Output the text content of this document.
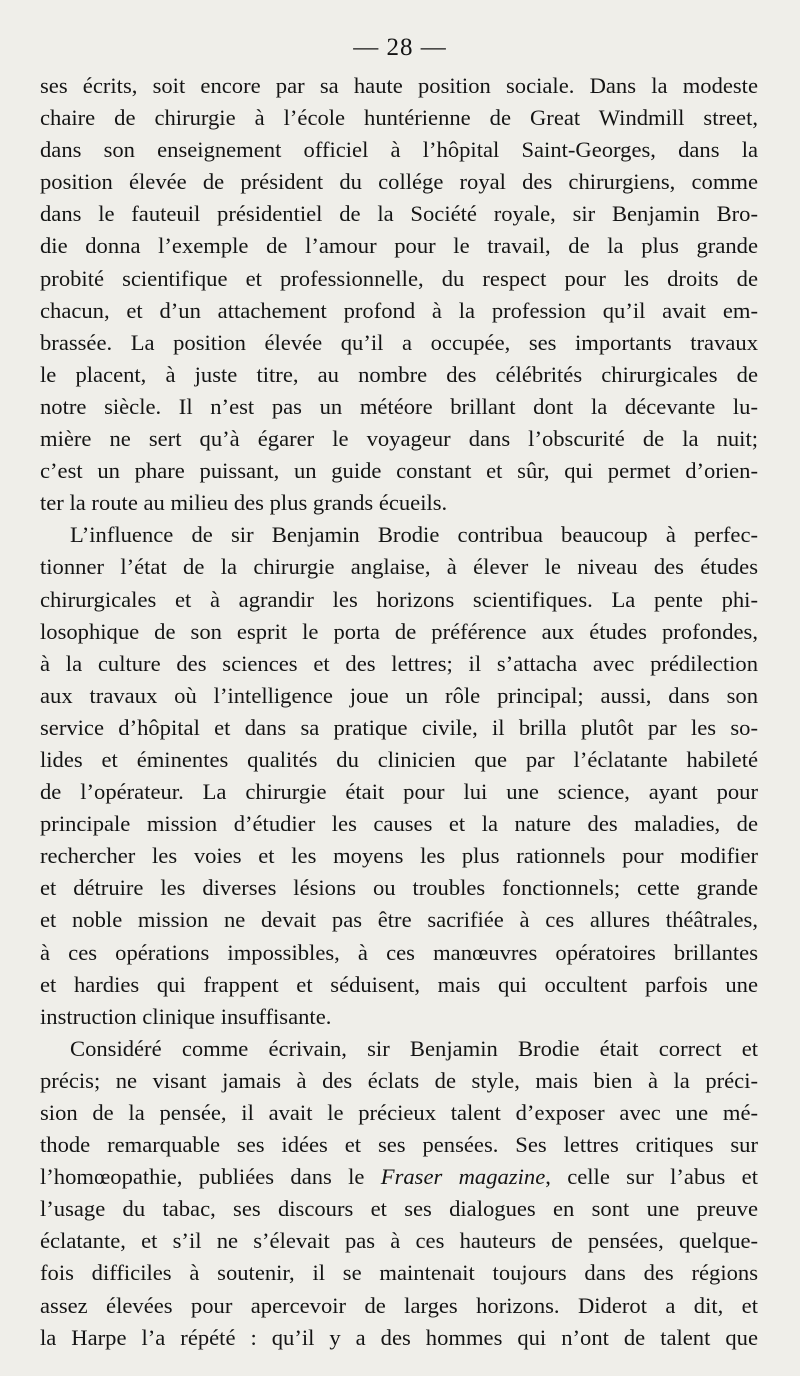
— 28 —
ses écrits, soit encore par sa haute position sociale. Dans la modeste
chaire de chirurgie à l’école huntérienne de Great Windmill street,
dans son enseignement officiel à l’hôpital Saint-Georges, dans la
position élevée de président du collége royal des chirurgiens, comme
dans le fauteuil présidentiel de la Société royale, sir Benjamin Bro-
die donna l’exemple de l’amour pour le travail, de la plus grande
probité scientifique et professionnelle, du respect pour les droits de
chacun, et d’un attachement profond à la profession qu’il avait em-
brassée. La position élevée qu’il a occupée, ses importants travaux
le placent, à juste titre, au nombre des célébrités chirurgicales de
notre siècle. Il n’est pas un météore brillant dont la décevante lu-
mière ne sert qu’à égarer le voyageur dans l’obscurité de la nuit;
c’est un phare puissant, un guide constant et sûr, qui permet d’orien-
ter la route au milieu des plus grands écueils.
L’influence de sir Benjamin Brodie contribua beaucoup à perfec-
tionner l’état de la chirurgie anglaise, à élever le niveau des études
chirurgicales et à agrandir les horizons scientifiques. La pente phi-
losophique de son esprit le porta de préférence aux études profondes,
à la culture des sciences et des lettres; il s’attacha avec prédilection
aux travaux où l’intelligence joue un rôle principal; aussi, dans son
service d’hôpital et dans sa pratique civile, il brilla plutôt par les so-
lides et éminentes qualités du clinicien que par l’éclatante habileté
de l’opérateur. La chirurgie était pour lui une science, ayant pour
principale mission d’étudier les causes et la nature des maladies, de
rechercher les voies et les moyens les plus rationnels pour modifier
et détruire les diverses lésions ou troubles fonctionnels; cette grande
et noble mission ne devait pas être sacrifiée à ces allures théâtrales,
à ces opérations impossibles, à ces manœuvres opératoires brillantes
et hardies qui frappent et séduisent, mais qui occultent parfois une
instruction clinique insuffisante.
Considéré comme écrivain, sir Benjamin Brodie était correct et
précis; ne visant jamais à des éclats de style, mais bien à la préci-
sion de la pensée, il avait le précieux talent d’exposer avec une mé-
thode remarquable ses idées et ses pensées. Ses lettres critiques sur
l’homœopathie, publiées dans le Fraser magazine, celle sur l’abus et
l’usage du tabac, ses discours et ses dialogues en sont une preuve
éclatante, et s’il ne s’élevait pas à ces hauteurs de pensées, quelque-
fois difficiles à soutenir, il se maintenait toujours dans des régions
assez élevées pour apercevoir de larges horizons. Diderot a dit, et
la Harpe l’a répété : qu’il y a des hommes qui n’ont de talent que
